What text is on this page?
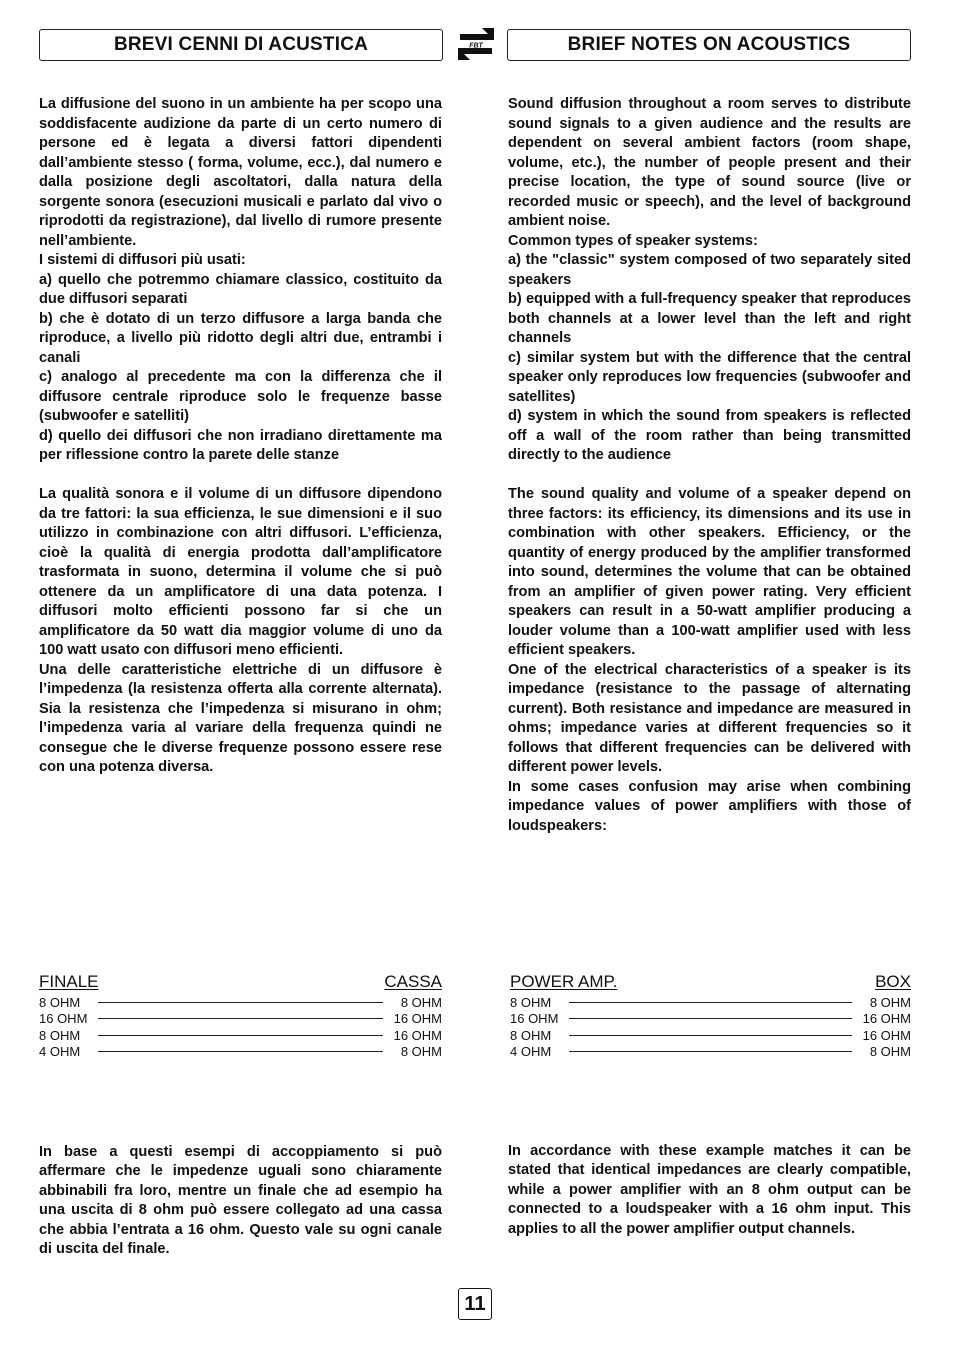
BREVI CENNI DI ACUSTICA	FBT	BRIEF NOTES ON ACOUSTICS

La diffusione del suono in un ambiente ha per scopo una soddisfacente audizione da parte di un certo numero di persone ed è legata a diversi fattori dipendenti dall’ambiente stesso ( forma, volume, ecc.), dal numero e dalla posizione degli ascoltatori, dalla natura della sorgente sonora (esecuzioni musicali e parlato dal vivo o riprodotti da registrazione), dal livello di rumore presente nell’ambiente.

I sistemi di diffusori più usati:

a) quello che potremmo chiamare classico, costituito da due diffusori separati

b) che è dotato di un terzo diffusore a larga banda che riproduce, a livello più ridotto degli altri due, entrambi i canali

c) analogo al precedente ma con la differenza che il diffusore centrale riproduce solo le frequenze basse (subwoofer e satelliti)

d) quello dei diffusori che non irradiano direttamente ma per riflessione contro la parete delle stanze

La qualità sonora e il volume di un diffusore dipendono da tre fattori: la sua efficienza, le sue dimensioni e il suo utilizzo in combinazione con altri diffusori. L’efficienza, cioè la qualità di energia prodotta dall’amplificatore trasformata in suono, determina il volume che si può ottenere da un amplificatore di una data potenza. I diffusori molto efficienti possono far si che un amplificatore da 50 watt dia maggior volume di uno da 100 watt usato con diffusori meno efficienti.

Una delle caratteristiche elettriche di un diffusore è l’impedenza (la resistenza offerta alla corrente alternata). Sia la resistenza che l’impedenza si misurano in ohm; l’impedenza varia al variare della frequenza quindi ne consegue che le diverse frequenze possono essere rese con una potenza diversa.

Sound diffusion throughout a room serves to distribute sound signals to a given audience and the results are dependent on several ambient factors (room shape, volume, etc.), the number of people present and their precise location, the type of sound source (live or recorded music or speech), and the level of background ambient noise.

Common types of speaker systems:

a) the "classic" system composed of two separately sited speakers

b) equipped with a full-frequency speaker that reproduces both channels at a lower level than the left and right channels

c) similar system but with the difference that the central speaker only reproduces low frequencies (subwoofer and satellites)

d) system in which the sound from speakers is reflected off a wall of the room rather than being transmitted directly to the audience

The sound quality and volume of a speaker depend on three factors: its efficiency, its dimensions and its use in combination with other speakers. Efficiency, or the quantity of energy produced by the amplifier transformed into sound, determines the volume that can be obtained from an amplifier of given power rating. Very efficient speakers can result in a 50-watt amplifier producing a louder volume than a 100-watt amplifier used with less efficient speakers.

One of the electrical characteristics of a speaker is its impedance (resistance to the passage of alternating current). Both resistance and impedance are measured in ohms; impedance varies at different frequencies so it follows that different frequencies can be delivered with different power levels.

In some cases confusion may arise when combining impedance values of power amplifiers with those of loudspeakers:

FINALE	CASSA
8 OHM	8 OHM
16 OHM	16 OHM
8 OHM	16 OHM
4 OHM	8 OHM
POWER AMP.	BOX
8 OHM	8 OHM
16 OHM	16 OHM
8 OHM	16 OHM
4 OHM	8 OHM

In base a questi esempi di accoppiamento si può affermare che le impedenze uguali sono chiaramente abbinabili fra loro, mentre un finale che ad esempio ha una uscita di 8 ohm può essere collegato ad una cassa che abbia l’entrata a 16 ohm. Questo vale su ogni canale di uscita del finale.

In accordance with these example matches it can be stated that identical impedances are clearly compatible, while a power amplifier with an 8 ohm output can be connected to a loudspeaker with a 16 ohm input. This applies to all the power amplifier output channels.

11
